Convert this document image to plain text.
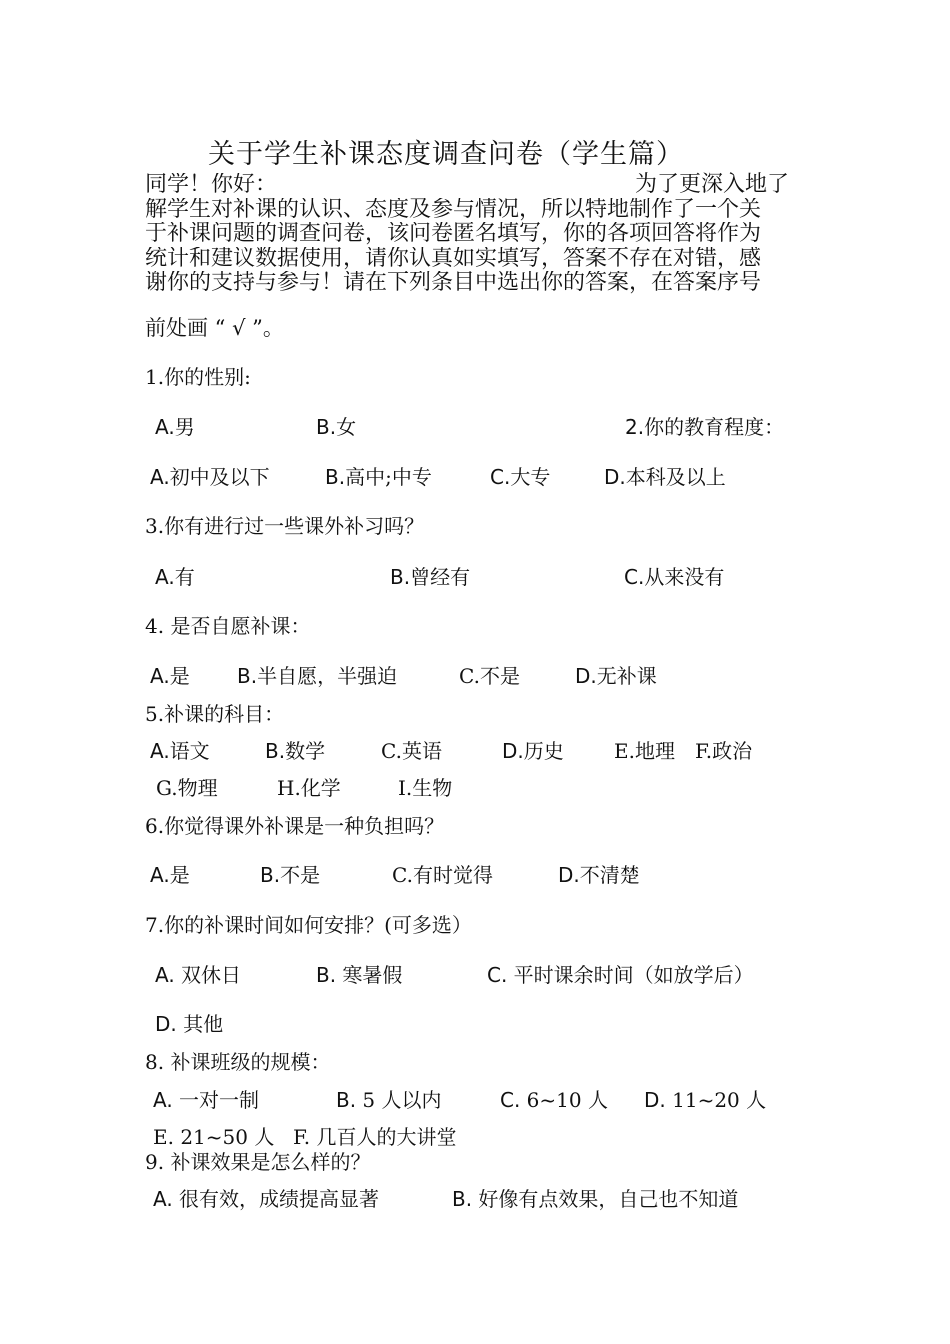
关于学生补课态度调查问卷（学生篇）
同学！你好：	为了更深入地了
解学生对补课的认识、态度及参与情况，所以特地制作了一个关
于补课问题的调查问卷，该问卷匿名填写，你的各项回答将作为
统计和建议数据使用，请你认真如实填写，答案不存在对错，感
谢你的支持与参与！请在下列条目中选出你的答案，在答案序号
前处画 “ √ ”。
1.你的性别:
A.男	B.女	2.你的教育程度：
A.初中及以下	B.高中;中专	C.大专	D.本科及以上
3.你有进行过一些课外补习吗？
A.有	B.曾经有	C.从来没有
4. 是否自愿补课：
A.是 B.半自愿，半强迫	C.不是	D.无补课
5.补课的科目：
A.语文	B.数学	C.英语	D.历史	E.地理 F.政治
G.物理	H.化学	I.生物
6.你觉得课外补课是一种负担吗？
A.是	B.不是	C.有时觉得	D.不清楚
7.你的补课时间如何安排？(可多选）
A. 双休日	B. 寒暑假	C. 平时课余时间（如放学后）
D. 其他
8. 补课班级的规模：
A. 一对一制	B. 5 人以内	C. 6~10 人 D. 11~20 人
E. 21~50 人 F. 几百人的大讲堂
9. 补课效果是怎么样的？
A. 很有效，成绩提高显著	B. 好像有点效果，自己也不知道
